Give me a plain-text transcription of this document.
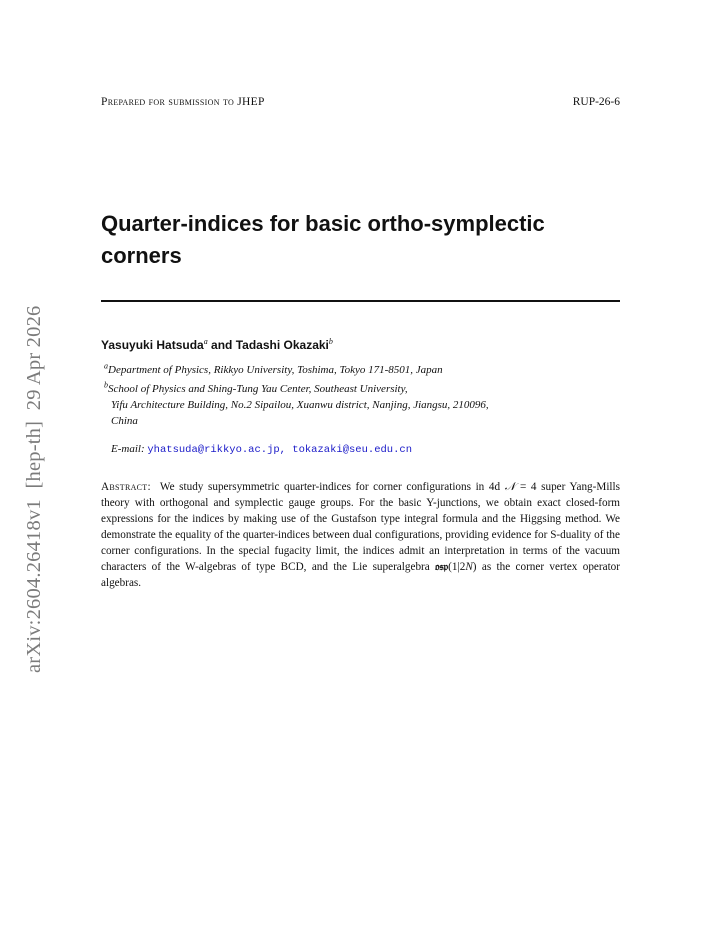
Prepared for submission to JHEP	RUP-26-6
Quarter-indices for basic ortho-symplectic corners
Yasuyuki Hatsuda$^a$ and Tadashi Okazaki$^b$
$^a$Department of Physics, Rikkyo University, Toshima, Tokyo 171-8501, Japan
$^b$School of Physics and Shing-Tung Yau Center, Southeast University,
Yifu Architecture Building, No.2 Sipailou, Xuanwu district, Nanjing, Jiangsu, 210096,
China
E-mail: yhatsuda@rikkyo.ac.jp, tokazaki@seu.edu.cn

Abstract: We study supersymmetric quarter-indices for corner configurations in 4d 𝒩 = 4 super Yang-Mills theory with orthogonal and symplectic gauge groups. For the basic Y-junctions, we obtain exact closed-form expressions for the indices by making use of the Gustafson type integral formula and the Higgsing method. We demonstrate the equality of the quarter-indices between dual configurations, providing evidence for S-duality of the corner configurations. In the special fugacity limit, the indices admit an interpretation in terms of the vacuum characters of the W-algebras of type BCD, and the Lie superalgebra 𝔬𝔰𝔭(1|2N) as the corner vertex operator algebras.

arXiv:2604.26418v1  [hep-th]  29 Apr 2026
